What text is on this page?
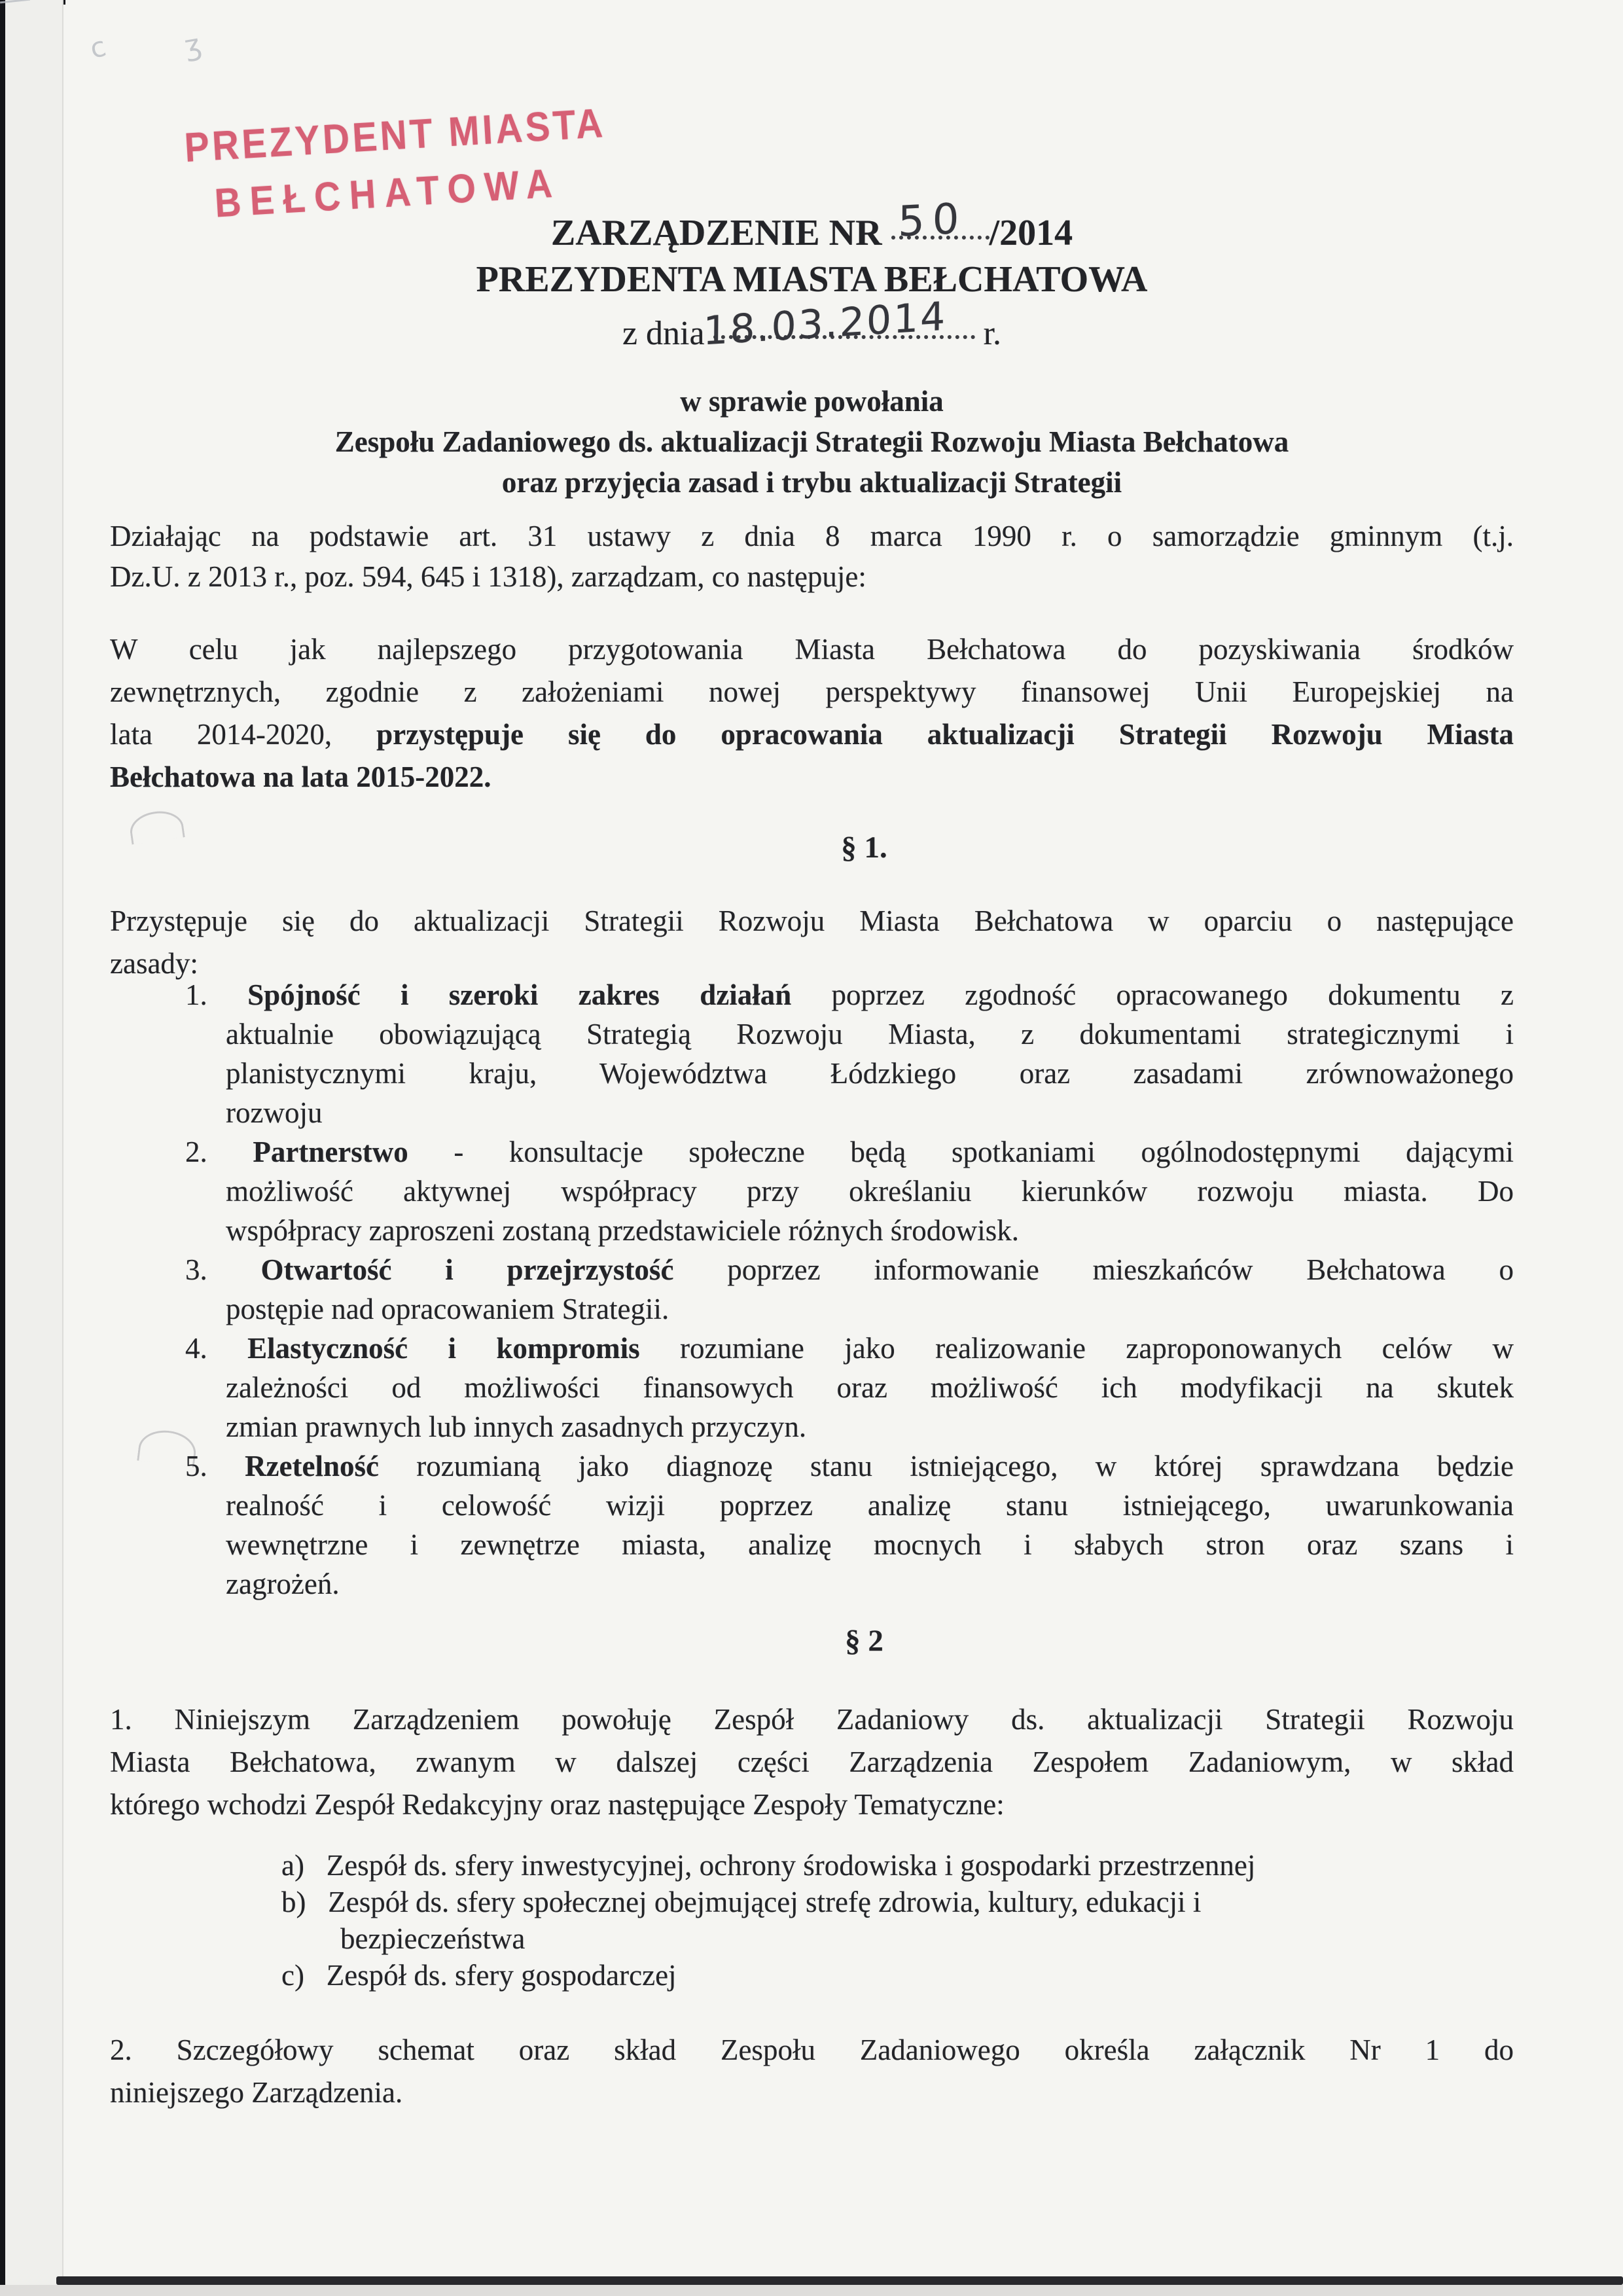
c	ʒ
PREZYDENT MIASTA
BEŁCHATOWA
ZARZĄDZENIE NR 50 /2014
PREZYDENTA MIASTA BEŁCHATOWA
z dnia
18.03.2014 r.
w sprawie powołania
Zespołu Zadaniowego ds. aktualizacji Strategii Rozwoju Miasta Bełchatowa
oraz przyjęcia zasad i trybu aktualizacji Strategii
Działając na podstawie art. 31 ustawy z dnia 8 marca 1990 r. o samorządzie gminnym (t.j.
Dz.U. z 2013 r., poz. 594, 645 i 1318), zarządzam, co następuje:
W celu jak najlepszego przygotowania Miasta Bełchatowa do pozyskiwania środków
zewnętrznych, zgodnie z założeniami nowej perspektywy finansowej Unii Europejskiej na
lata 2014-2020, przystępuje się do opracowania aktualizacji Strategii Rozwoju Miasta
Bełchatowa na lata 2015-2022.
§ 1.
Przystępuje się do aktualizacji Strategii Rozwoju Miasta Bełchatowa w oparciu o następujące
zasady:
1. Spójność i szeroki zakres działań poprzez zgodność opracowanego dokumentu z
aktualnie obowiązującą Strategią Rozwoju Miasta, z dokumentami strategicznymi i
planistycznymi kraju, Województwa Łódzkiego oraz zasadami zrównoważonego
rozwoju
2. Partnerstwo - konsultacje społeczne będą spotkaniami ogólnodostępnymi dającymi
możliwość aktywnej współpracy przy określaniu kierunków rozwoju miasta. Do
współpracy zaproszeni zostaną przedstawiciele różnych środowisk.
3. Otwartość i przejrzystość poprzez informowanie mieszkańców Bełchatowa o
postępie nad opracowaniem Strategii.
4. Elastyczność i kompromis rozumiane jako realizowanie zaproponowanych celów w
zależności od możliwości finansowych oraz możliwość ich modyfikacji na skutek
zmian prawnych lub innych zasadnych przyczyn.
5. Rzetelność rozumianą jako diagnozę stanu istniejącego, w której sprawdzana będzie
realność i celowość wizji poprzez analizę stanu istniejącego, uwarunkowania
wewnętrzne i zewnętrze miasta, analizę mocnych i słabych stron oraz szans i
zagrożeń.
§ 2
1. Niniejszym Zarządzeniem powołuję Zespół Zadaniowy ds. aktualizacji Strategii Rozwoju
Miasta Bełchatowa, zwanym w dalszej części Zarządzenia Zespołem Zadaniowym, w skład
którego wchodzi Zespół Redakcyjny oraz następujące Zespoły Tematyczne:
a)   Zespół ds. sfery inwestycyjnej, ochrony środowiska i gospodarki przestrzennej
b)   Zespół ds. sfery społecznej obejmującej strefę zdrowia, kultury, edukacji i
bezpieczeństwa
c)   Zespół ds. sfery gospodarczej
2. Szczegółowy schemat oraz skład Zespołu Zadaniowego określa załącznik Nr 1 do
niniejszego Zarządzenia.
